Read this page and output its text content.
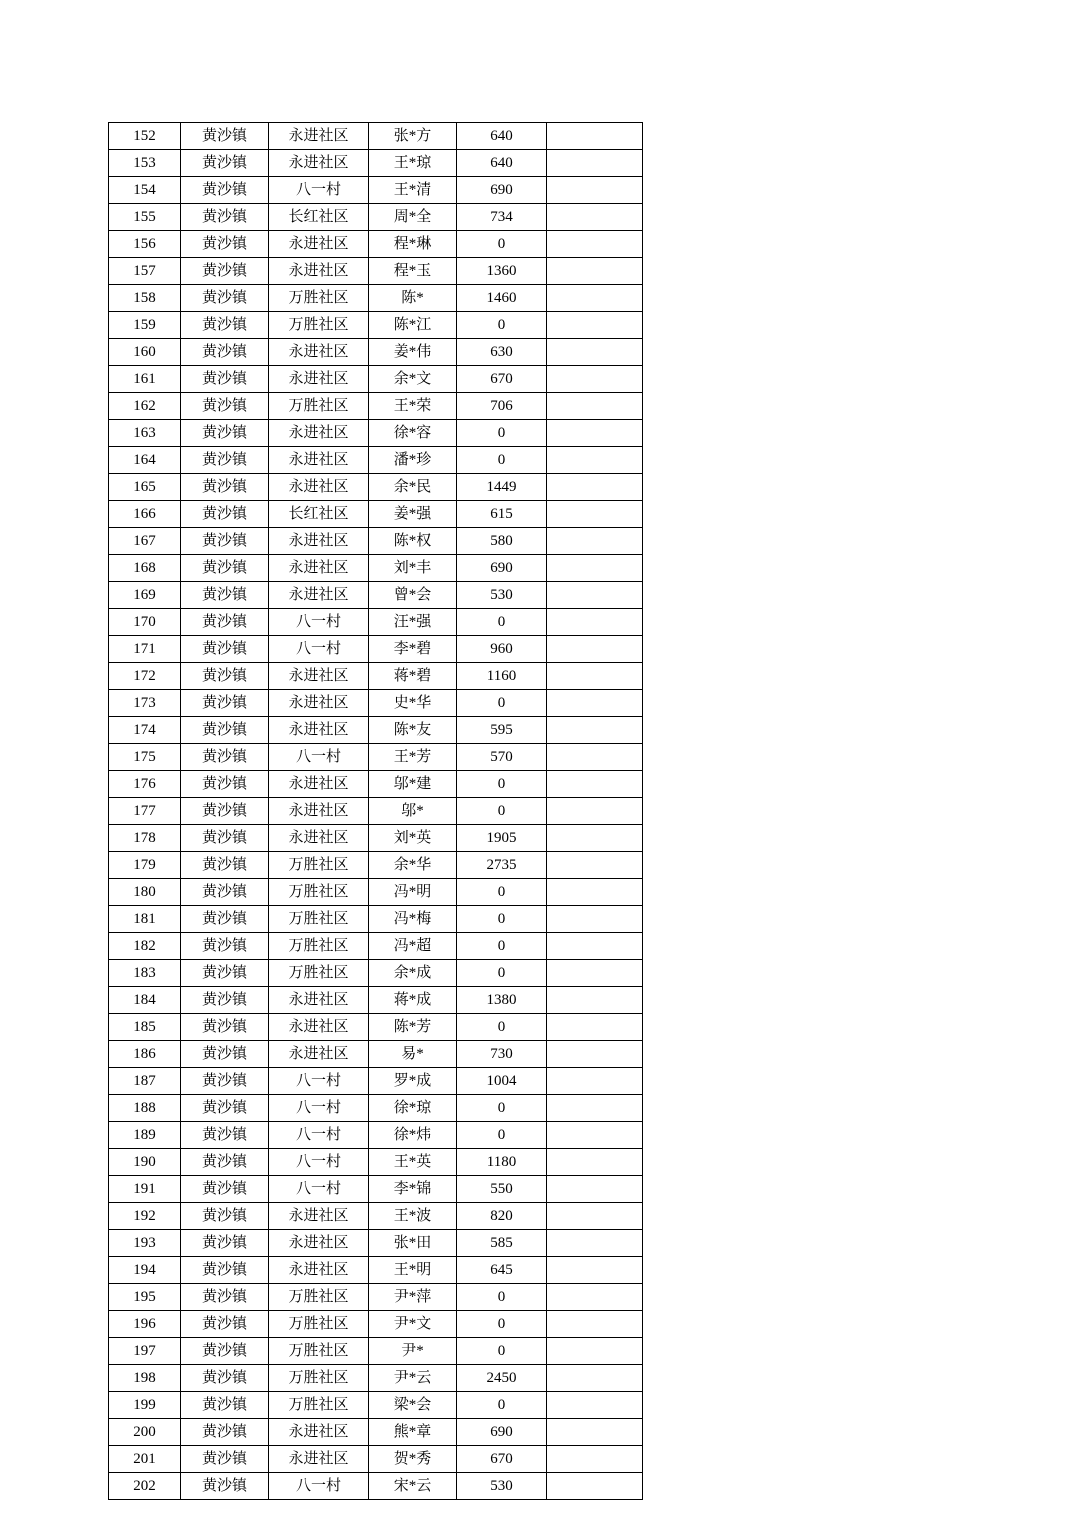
152	黄沙镇	永进社区	张*方	640	
153	黄沙镇	永进社区	王*琼	640	
154	黄沙镇	八一村	王*清	690	
155	黄沙镇	长红社区	周*全	734	
156	黄沙镇	永进社区	程*琳	0	
157	黄沙镇	永进社区	程*玉	1360	
158	黄沙镇	万胜社区	陈*	1460	
159	黄沙镇	万胜社区	陈*江	0	
160	黄沙镇	永进社区	姜*伟	630	
161	黄沙镇	永进社区	余*文	670	
162	黄沙镇	万胜社区	王*荣	706	
163	黄沙镇	永进社区	徐*容	0	
164	黄沙镇	永进社区	潘*珍	0	
165	黄沙镇	永进社区	余*民	1449	
166	黄沙镇	长红社区	姜*强	615	
167	黄沙镇	永进社区	陈*权	580	
168	黄沙镇	永进社区	刘*丰	690	
169	黄沙镇	永进社区	曾*会	530	
170	黄沙镇	八一村	汪*强	0	
171	黄沙镇	八一村	李*碧	960	
172	黄沙镇	永进社区	蒋*碧	1160	
173	黄沙镇	永进社区	史*华	0	
174	黄沙镇	永进社区	陈*友	595	
175	黄沙镇	八一村	王*芳	570	
176	黄沙镇	永进社区	邬*建	0	
177	黄沙镇	永进社区	邬*	0	
178	黄沙镇	永进社区	刘*英	1905	
179	黄沙镇	万胜社区	余*华	2735	
180	黄沙镇	万胜社区	冯*明	0	
181	黄沙镇	万胜社区	冯*梅	0	
182	黄沙镇	万胜社区	冯*超	0	
183	黄沙镇	万胜社区	余*成	0	
184	黄沙镇	永进社区	蒋*成	1380	
185	黄沙镇	永进社区	陈*芳	0	
186	黄沙镇	永进社区	易*	730	
187	黄沙镇	八一村	罗*成	1004	
188	黄沙镇	八一村	徐*琼	0	
189	黄沙镇	八一村	徐*炜	0	
190	黄沙镇	八一村	王*英	1180	
191	黄沙镇	八一村	李*锦	550	
192	黄沙镇	永进社区	王*波	820	
193	黄沙镇	永进社区	张*田	585	
194	黄沙镇	永进社区	王*明	645	
195	黄沙镇	万胜社区	尹*萍	0	
196	黄沙镇	万胜社区	尹*文	0	
197	黄沙镇	万胜社区	尹*	0	
198	黄沙镇	万胜社区	尹*云	2450	
199	黄沙镇	万胜社区	梁*会	0	
200	黄沙镇	永进社区	熊*章	690	
201	黄沙镇	永进社区	贺*秀	670	
202	黄沙镇	八一村	宋*云	530	
